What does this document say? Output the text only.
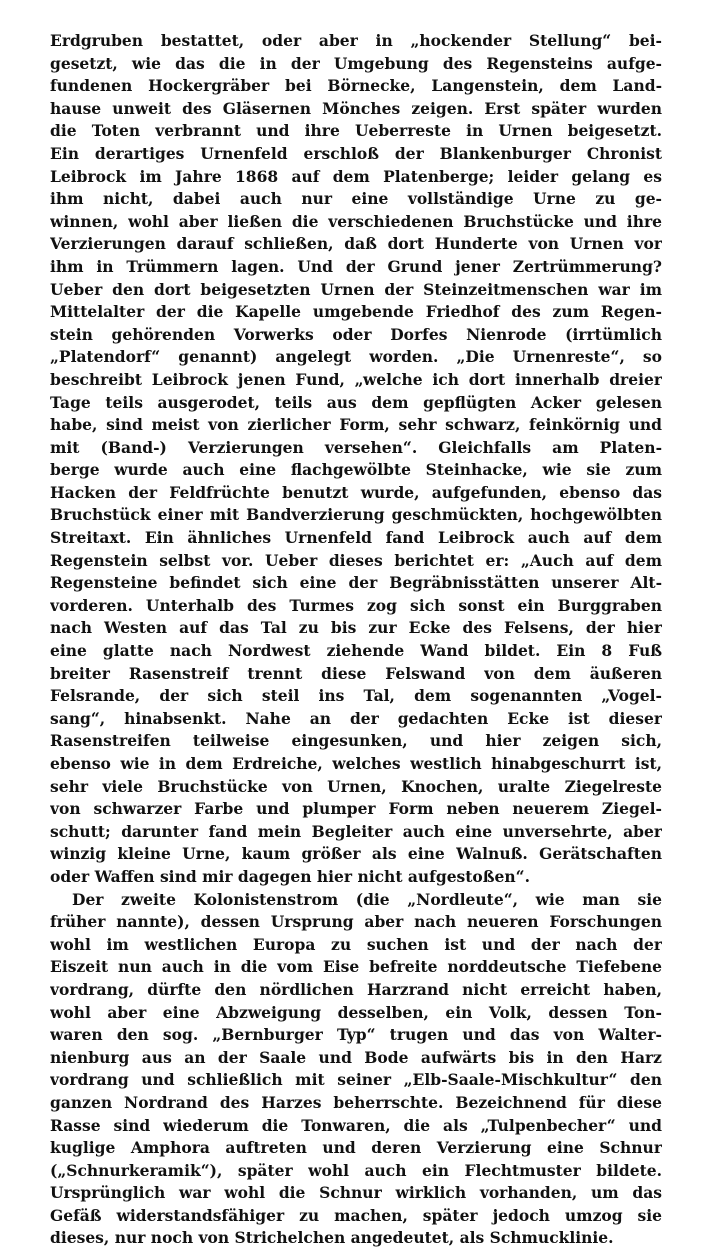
Erdgruben bestattet, oder aber in „hockender Stellung“ bei-
gesetzt, wie das die in der Umgebung des Regensteins aufge-
fundenen Hockergräber bei Börnecke, Langenstein, dem Land-
hause unweit des Gläsernen Mönches zeigen. Erst später wurden
die Toten verbrannt und ihre Ueberreste in Urnen beigesetzt.
Ein derartiges Urnenfeld erschloß der Blankenburger Chronist
Leibrock im Jahre 1868 auf dem Platenberge; leider gelang es
ihm nicht, dabei auch nur eine vollständige Urne zu ge-
winnen, wohl aber ließen die verschiedenen Bruchstücke und ihre
Verzierungen darauf schließen, daß dort Hunderte von Urnen vor
ihm in Trümmern lagen. Und der Grund jener Zertrümmerung?
Ueber den dort beigesetzten Urnen der Steinzeitmenschen war im
Mittelalter der die Kapelle umgebende Friedhof des zum Regen-
stein gehörenden Vorwerks oder Dorfes Nienrode (irrtümlich
„Platendorf“ genannt) angelegt worden. „Die Urnenreste“, so
beschreibt Leibrock jenen Fund, „welche ich dort innerhalb dreier
Tage teils ausgerodet, teils aus dem gepflügten Acker gelesen
habe, sind meist von zierlicher Form, sehr schwarz, feinkörnig und
mit (Band-) Verzierungen versehen“. Gleichfalls am Platen-
berge wurde auch eine flachgewölbte Steinhacke, wie sie zum
Hacken der Feldfrüchte benutzt wurde, aufgefunden, ebenso das
Bruchstück einer mit Bandverzierung geschmückten, hochgewölbten
Streitaxt. Ein ähnliches Urnenfeld fand Leibrock auch auf dem
Regenstein selbst vor. Ueber dieses berichtet er: „Auch auf dem
Regensteine befindet sich eine der Begräbnisstätten unserer Alt-
vorderen. Unterhalb des Turmes zog sich sonst ein Burggraben
nach Westen auf das Tal zu bis zur Ecke des Felsens, der hier
eine glatte nach Nordwest ziehende Wand bildet. Ein 8 Fuß
breiter Rasenstreif trennt diese Felswand von dem äußeren
Felsrande, der sich steil ins Tal, dem sogenannten „Vogel-
sang“, hinabsenkt. Nahe an der gedachten Ecke ist dieser
Rasenstreifen teilweise eingesunken, und hier zeigen sich,
ebenso wie in dem Erdreiche, welches westlich hinabgeschurrt ist,
sehr viele Bruchstücke von Urnen, Knochen, uralte Ziegelreste
von schwarzer Farbe und plumper Form neben neuerem Ziegel-
schutt; darunter fand mein Begleiter auch eine unversehrte, aber
winzig kleine Urne, kaum größer als eine Walnuß. Gerätschaften
oder Waffen sind mir dagegen hier nicht aufgestoßen“.
Der zweite Kolonistenstrom (die „Nordleute“, wie man sie
früher nannte), dessen Ursprung aber nach neueren Forschungen
wohl im westlichen Europa zu suchen ist und der nach der
Eiszeit nun auch in die vom Eise befreite norddeutsche Tiefebene
vordrang, dürfte den nördlichen Harzrand nicht erreicht haben,
wohl aber eine Abzweigung desselben, ein Volk, dessen Ton-
waren den sog. „Bernburger Typ“ trugen und das von Walter-
nienburg aus an der Saale und Bode aufwärts bis in den Harz
vordrang und schließlich mit seiner „Elb-Saale-Mischkultur“ den
ganzen Nordrand des Harzes beherrschte. Bezeichnend für diese
Rasse sind wiederum die Tonwaren, die als „Tulpenbecher“ und
kuglige Amphora auftreten und deren Verzierung eine Schnur
(„Schnurkeramik“), später wohl auch ein Flechtmuster bildete.
Ursprünglich war wohl die Schnur wirklich vorhanden, um das
Gefäß widerstandsfähiger zu machen, später jedoch umzog sie
dieses, nur noch von Strichelchen angedeutet, als Schmucklinie.
